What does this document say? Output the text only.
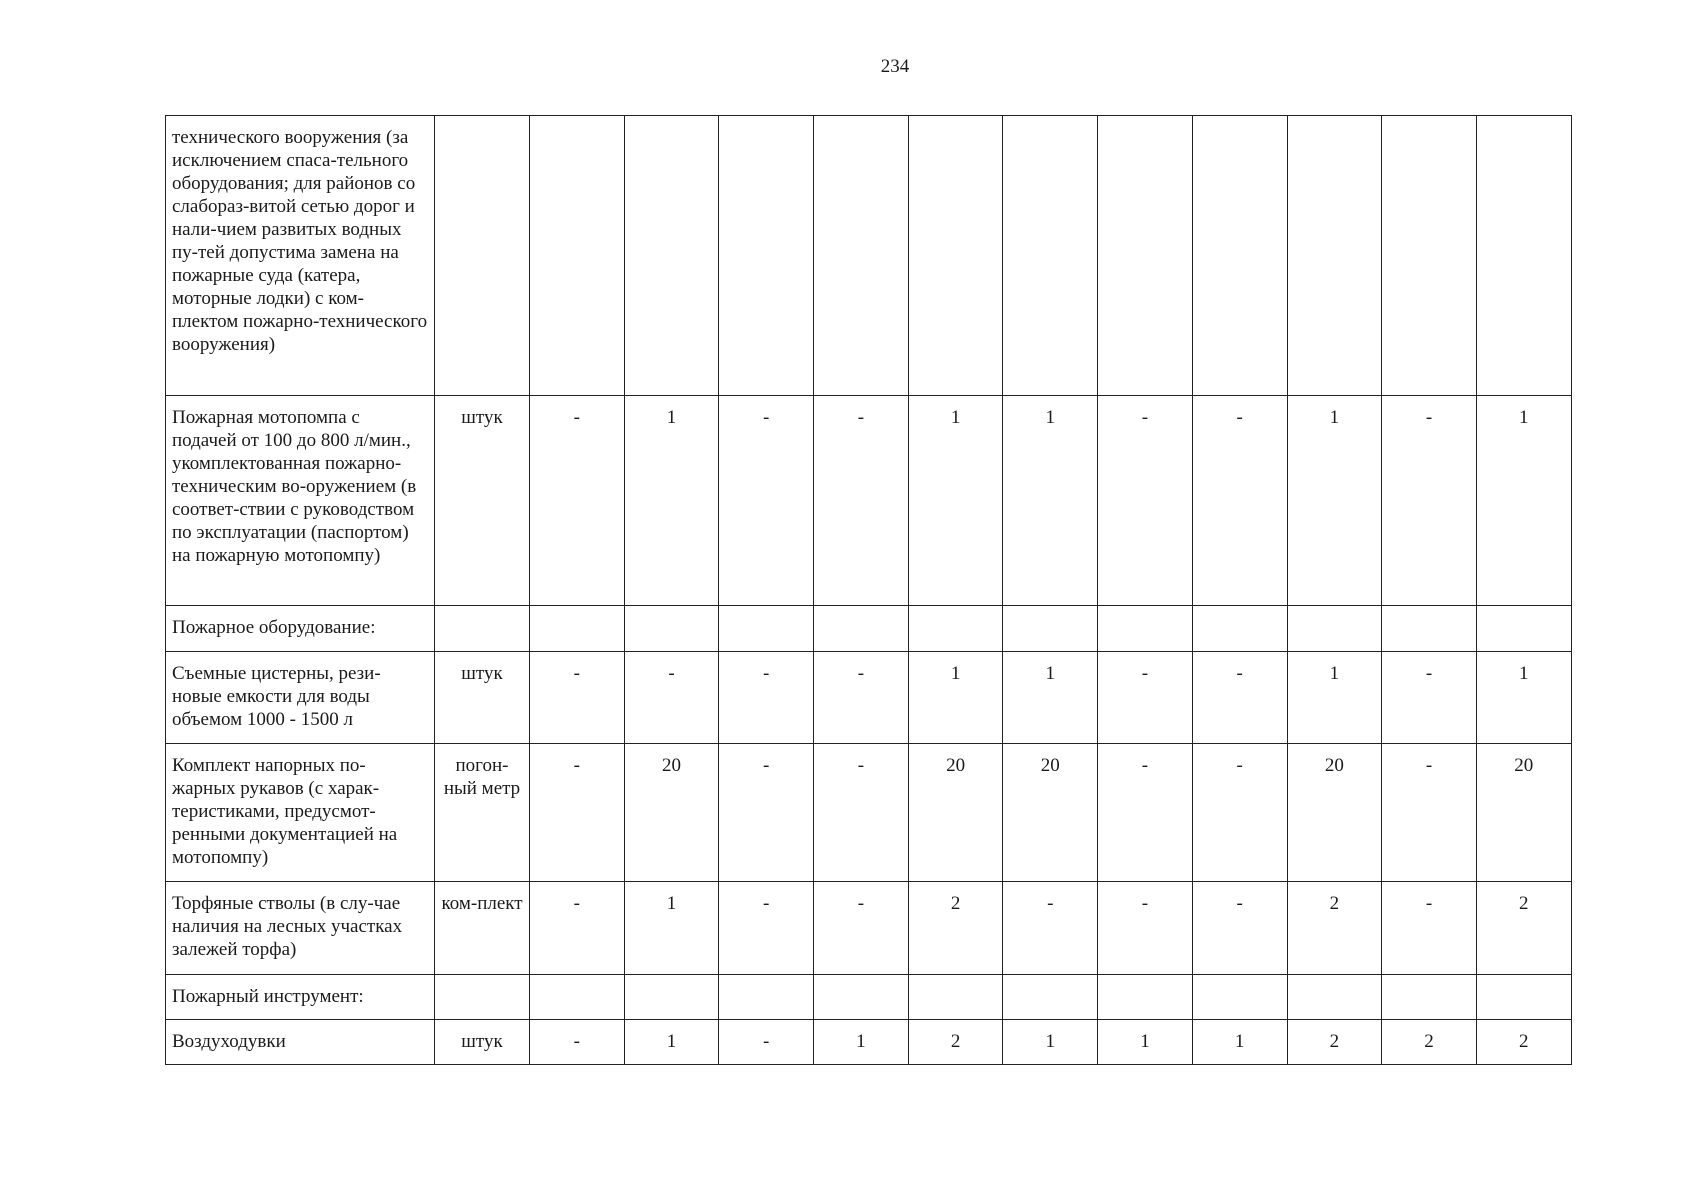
234
технического вооружения (за исключением спаса-тельного оборудования; для районов со слабораз-витой сетью дорог и нали-чием развитых водных пу-тей допустима замена на пожарные суда (катера, моторные лодки) с ком-плектом пожарно-технического вооружения)												
Пожарная мотопомпа с подачей от 100 до 800 л/мин., укомплектованная пожарно-техническим во-оружением (в соответ-ствии с руководством по эксплуатации (паспортом) на пожарную мотопомпу)	штук	-	1	-	-	1	1	-	-	1	-	1
Пожарное оборудование:												
Съемные цистерны, рези-новые емкости для воды объемом 1000 - 1500 л	штук	-	-	-	-	1	1	-	-	1	-	1
Комплект напорных по-жарных рукавов (с харак-теристиками, предусмот-ренными документацией на мотопомпу)	погон-ный метр	-	20	-	-	20	20	-	-	20	-	20
Торфяные стволы (в слу-чае наличия на лесных участках залежей торфа)	ком-плект	-	1	-	-	2	-	-	-	2	-	2
Пожарный инструмент:												
Воздуходувки	штук	-	1	-	1	2	1	1	1	2	2	2
